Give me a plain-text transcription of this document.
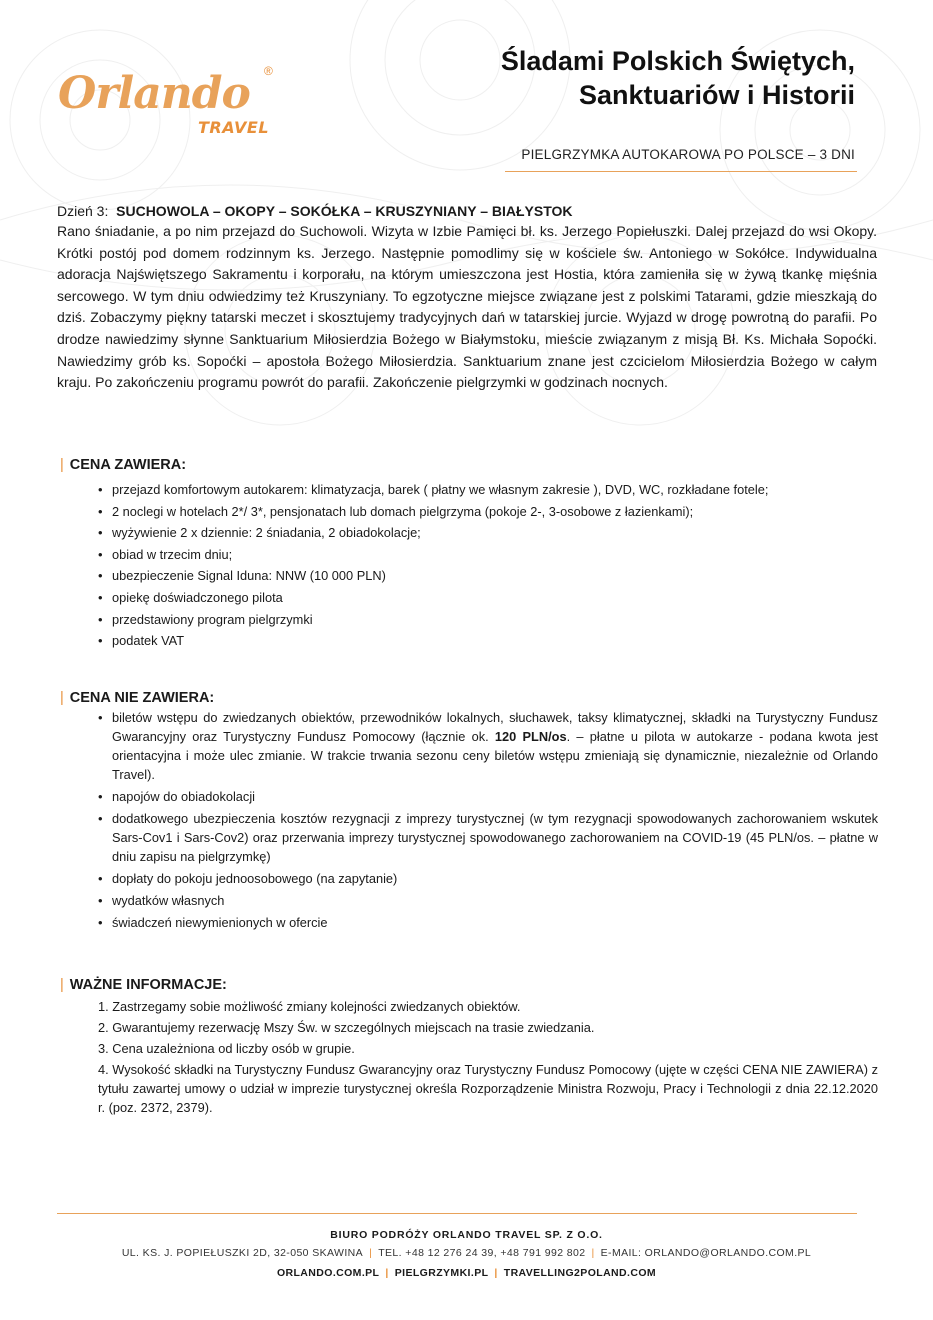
Orlando ®
TRAVEL
Śladami Polskich Świętych,
Sanktuariów i Historii
PIELGRZYMKA AUTOKAROWA PO POLSCE – 3 DNI
Dzień 3: SUCHOWOLA – OKOPY – SOKÓŁKA – KRUSZYNIANY – BIAŁYSTOK

Rano śniadanie, a po nim przejazd do Suchowoli. Wizyta w Izbie Pamięci bł. ks. Jerzego Popiełuszki. Dalej przejazd do wsi Okopy. Krótki postój pod domem rodzinnym ks. Jerzego. Następnie pomodlimy się w kościele św. Antoniego w Sokółce. Indywidualna adoracja Najświętszego Sakramentu i korporału, na którym umieszczona jest Hostia, która zamieniła się w żywą tkankę mięśnia sercowego. W tym dniu odwiedzimy też Kruszyniany. To egzotyczne miejsce związane jest z polskimi Tatarami, gdzie mieszkają do dziś. Zobaczymy piękny tatarski meczet i skosztujemy tradycyjnych dań w tatarskiej jurcie. Wyjazd w drogę powrotną do parafii. Po drodze nawiedzimy słynne Sanktuarium Miłosierdzia Bożego w Białymstoku, mieście związanym z misją Bł. Ks. Michała Sopoćki. Nawiedzimy grób ks. Sopoćki – apostoła Bożego Miłosierdzia. Sanktuarium znane jest czcicielom Miłosierdzia Bożego w całym kraju. Po zakończeniu programu powrót do parafii. Zakończenie pielgrzymki w godzinach nocnych.

| CENA ZAWIERA:
• przejazd komfortowym autokarem: klimatyzacja, barek ( płatny we własnym zakresie ), DVD, WC, rozkładane fotele;
• 2 noclegi w hotelach 2*/ 3*, pensjonatach lub domach pielgrzyma (pokoje 2-, 3-osobowe z łazienkami);
• wyżywienie 2 x dziennie: 2 śniadania, 2 obiadokolacje;
• obiad w trzecim dniu;
• ubezpieczenie Signal Iduna: NNW (10 000 PLN)
• opiekę doświadczonego pilota
• przedstawiony program pielgrzymki
• podatek VAT
| CENA NIE ZAWIERA:
• biletów wstępu do zwiedzanych obiektów, przewodników lokalnych, słuchawek, taksy klimatycznej, składki na Turystyczny Fundusz Gwarancyjny oraz Turystyczny Fundusz Pomocowy (łącznie ok. 120 PLN/os. – płatne u pilota w autokarze - podana kwota jest orientacyjna i może ulec zmianie. W trakcie trwania sezonu ceny biletów wstępu zmieniają się dynamicznie, niezależnie od Orlando Travel).
• napojów do obiadokolacji
• dodatkowego ubezpieczenia kosztów rezygnacji z imprezy turystycznej (w tym rezygnacji spowodowanych zachorowaniem wskutek Sars-Cov1 i Sars-Cov2) oraz przerwania imprezy turystycznej spowodowanego zachorowaniem na COVID-19 (45 PLN/os. – płatne w dniu zapisu na pielgrzymkę)
• dopłaty do pokoju jednoosobowego (na zapytanie)
• wydatków własnych
• świadczeń niewymienionych w ofercie
| WAŻNE INFORMACJE:
1. Zastrzegamy sobie możliwość zmiany kolejności zwiedzanych obiektów.
2. Gwarantujemy rezerwację Mszy Św. w szczególnych miejscach na trasie zwiedzania.
3. Cena uzależniona od liczby osób w grupie.
4. Wysokość składki na Turystyczny Fundusz Gwarancyjny oraz Turystyczny Fundusz Pomocowy (ujęte w części CENA NIE ZAWIERA) z tytułu zawartej umowy o udział w imprezie turystycznej określa Rozporządzenie Ministra Rozwoju, Pracy i Technologii z dnia 22.12.2020 r. (poz. 2372, 2379).
BIURO PODRÓŻY ORLANDO TRAVEL SP. Z O.O.
UL. KS. J. POPIEŁUSZKI 2D, 32-050 SKAWINA | TEL. +48 12 276 24 39, +48 791 992 802 | E-MAIL: ORLANDO@ORLANDO.COM.PL
ORLANDO.COM.PL | PIELGRZYMKI.PL | TRAVELLING2POLAND.COM
